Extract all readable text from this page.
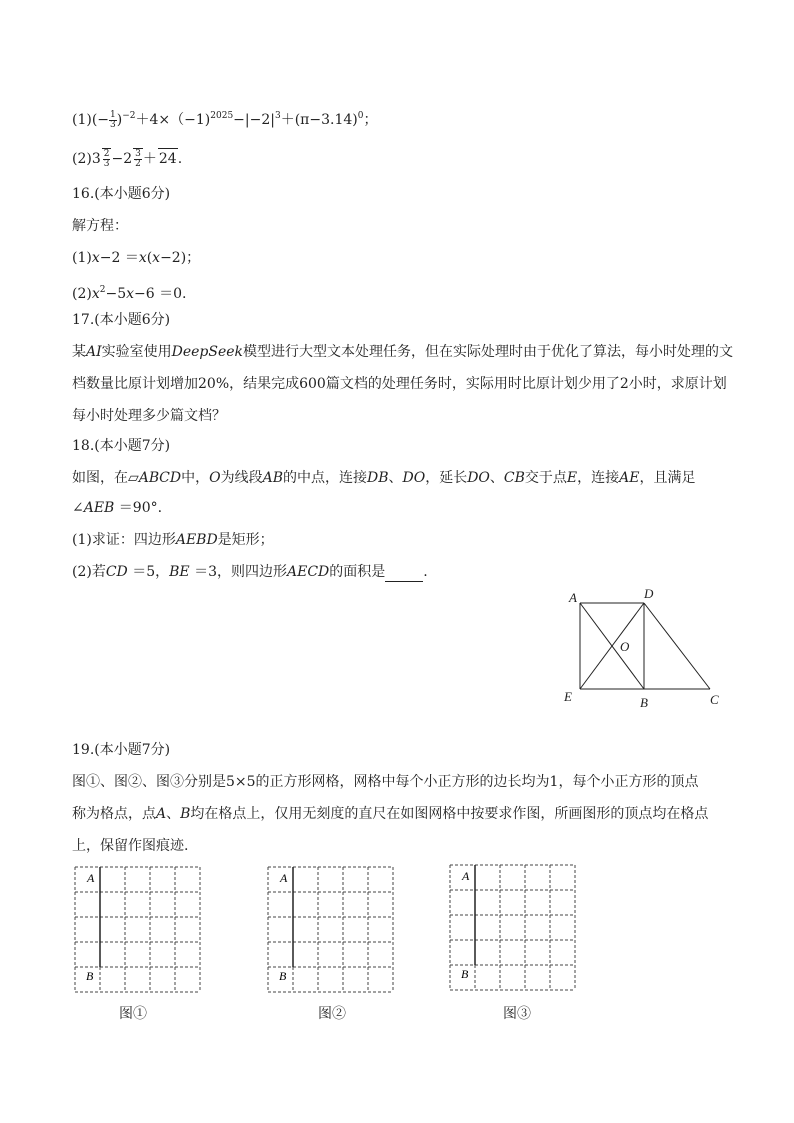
$(1)(- \frac{1}{3} )^{-2}+4\times(-1)^{2025}-|-2|^3+(\pi-3.14)^0$；
$(2)3 \frac{2}{3} -2 \frac{3}{2} + 24$.
16.(本小题6分)
解方程：
(1)𝑥−2 ＝𝑥(𝑥−2)；
(2)𝑥$^2$−5𝑥−6 ＝0.
17.(本小题6分)
某𝐴𝐼实验室使用𝐷𝑒𝑒𝑝𝑆𝑒𝑒𝑘模型进行大型文本处理任务，但在实际处理时由于优化了算法，每小时处理的文
档数量比原计划增加20%，结果完成600篇文档的处理任务时，实际用时比原计划少用了2小时，求原计划
每小时处理多少篇文档？
18.(本小题7分)
如图，在▱𝐴𝐵𝐶𝐷中，𝑂为线段𝐴𝐵的中点，连接𝐷𝐵、𝐷𝑂，延长𝐷𝑂、𝐶𝐵交于点𝐸，连接𝐴𝐸，且满足
∠𝐴𝐸𝐵 ＝90°.
(1)求证：四边形𝐴𝐸𝐵𝐷是矩形；
(2)若𝐶𝐷 ＝5，𝐵𝐸 ＝3，则四边形𝐴𝐸𝐶𝐷的面积是	.
A	D
O
E	B	C
19.(本小题7分)
图①、图②、图③分别是5×5的正方形网格，网格中每个小正方形的边长均为1，每个小正方形的顶点
称为格点，点𝐴、𝐵均在格点上，仅用无刻度的直尺在如图网格中按要求作图，所画图形的顶点均在格点
上，保留作图痕迹.
A
B
图①
A
B
图②
A
B
图③
